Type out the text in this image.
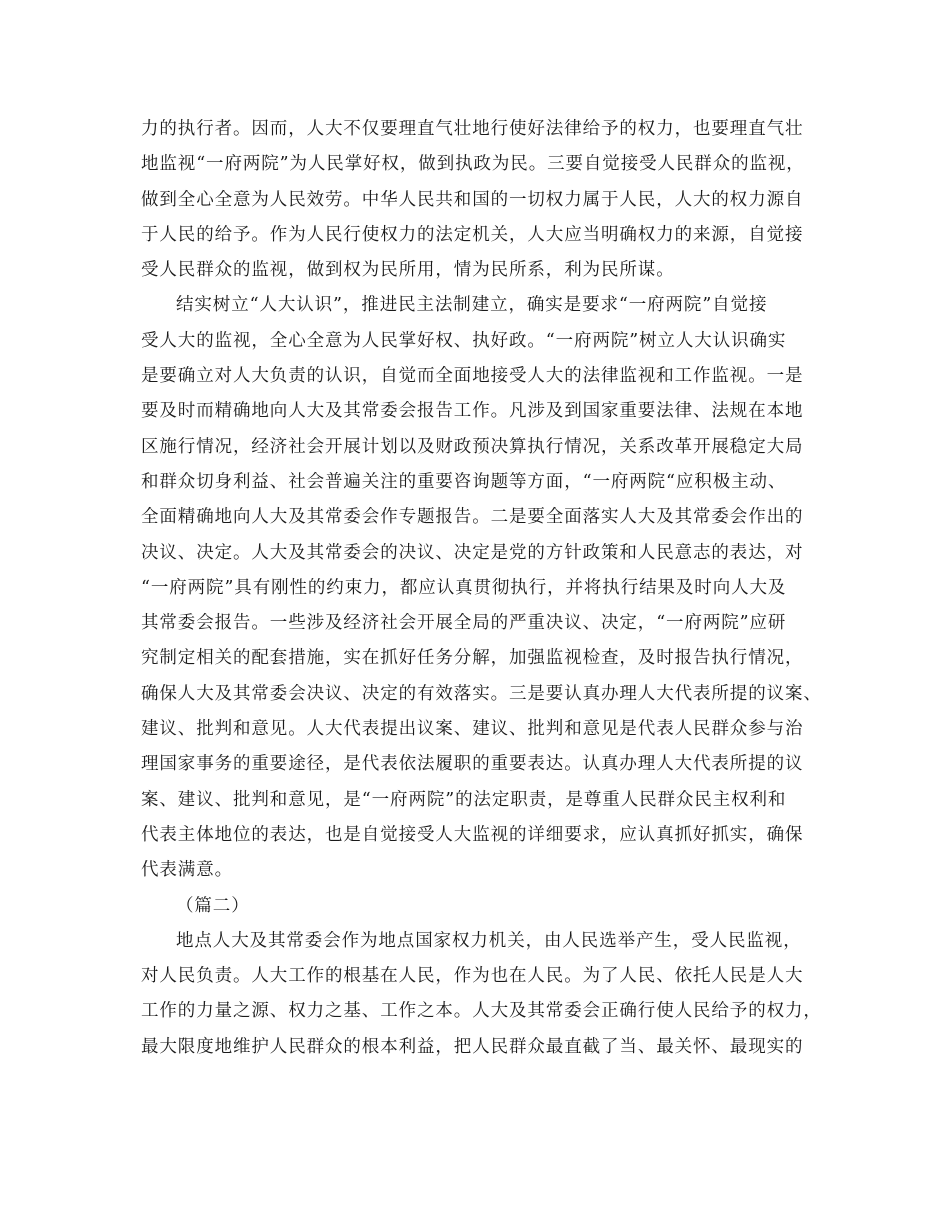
力的执行者。因而，人大不仅要理直气壮地行使好法律给予的权力，也要理直气壮
地监视“一府两院”为人民掌好权，做到执政为民。三要自觉接受人民群众的监视，
做到全心全意为人民效劳。中华人民共和国的一切权力属于人民，人大的权力源自
于人民的给予。作为人民行使权力的法定机关，人大应当明确权力的来源，自觉接
受人民群众的监视，做到权为民所用，情为民所系，利为民所谋。
结实树立“人大认识”，推进民主法制建立，确实是要求“一府两院”自觉接
受人大的监视，全心全意为人民掌好权、执好政。“一府两院”树立人大认识确实
是要确立对人大负责的认识，自觉而全面地接受人大的法律监视和工作监视。一是
要及时而精确地向人大及其常委会报告工作。凡涉及到国家重要法律、法规在本地
区施行情况，经济社会开展计划以及财政预决算执行情况，关系改革开展稳定大局
和群众切身利益、社会普遍关注的重要咨询题等方面，“一府两院“应积极主动、
全面精确地向人大及其常委会作专题报告。二是要全面落实人大及其常委会作出的
决议、决定。人大及其常委会的决议、决定是党的方针政策和人民意志的表达，对
“一府两院”具有刚性的约束力，都应认真贯彻执行，并将执行结果及时向人大及
其常委会报告。一些涉及经济社会开展全局的严重决议、决定，“一府两院”应研
究制定相关的配套措施，实在抓好任务分解，加强监视检查，及时报告执行情况，
确保人大及其常委会决议、决定的有效落实。三是要认真办理人大代表所提的议案、
建议、批判和意见。人大代表提出议案、建议、批判和意见是代表人民群众参与治
理国家事务的重要途径，是代表依法履职的重要表达。认真办理人大代表所提的议
案、建议、批判和意见，是“一府两院”的法定职责，是尊重人民群众民主权利和
代表主体地位的表达，也是自觉接受人大监视的详细要求，应认真抓好抓实，确保
代表满意。
（篇二）
地点人大及其常委会作为地点国家权力机关，由人民选举产生，受人民监视，
对人民负责。人大工作的根基在人民，作为也在人民。为了人民、依托人民是人大
工作的力量之源、权力之基、工作之本。人大及其常委会正确行使人民给予的权力，
最大限度地维护人民群众的根本利益，把人民群众最直截了当、最关怀、最现实的
